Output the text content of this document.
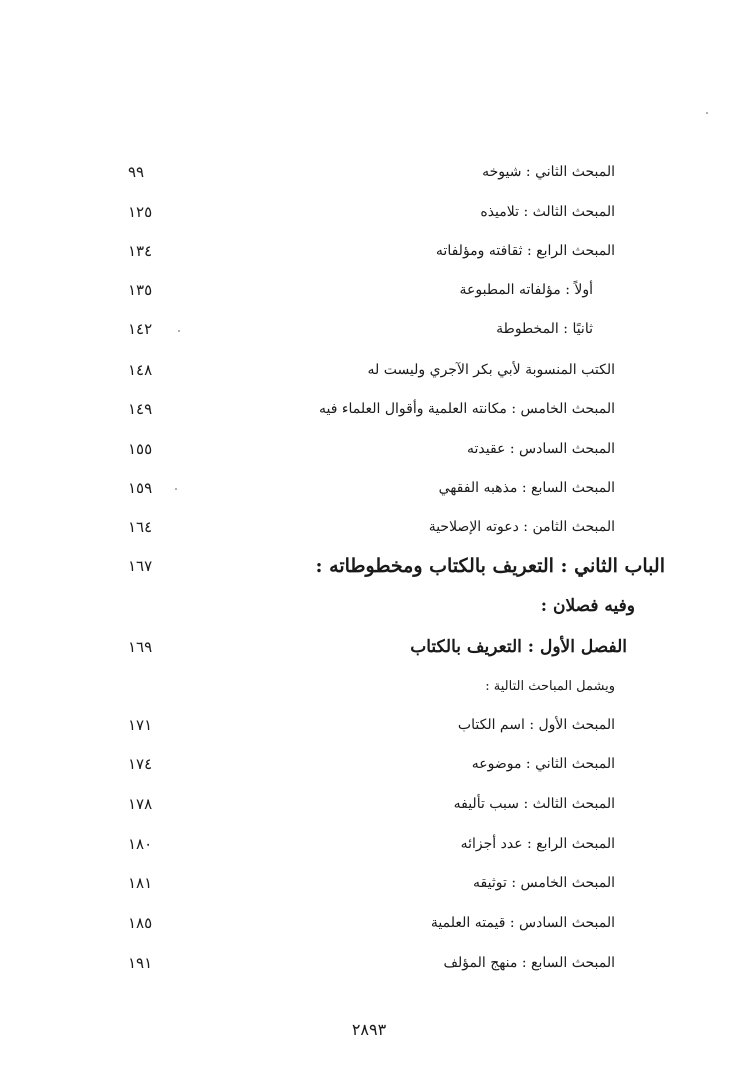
المبحث الثاني : شيوخه
٩٩
المبحث الثالث : تلاميذه
١٢٥
المبحث الرابع : ثقافته ومؤلفاته
١٣٤
أولاً : مؤلفاته المطبوعة
١٣٥
ثانيًا : المخطوطة
١٤٢
الكتب المنسوبة لأبي بكر الآجري وليست له
١٤٨
المبحث الخامس : مكانته العلمية وأقوال العلماء فيه
١٤٩
المبحث السادس : عقيدته
١٥٥
المبحث السابع : مذهبه الفقهي
١٥٩
المبحث الثامن : دعوته الإصلاحية
١٦٤
الباب الثاني : التعريف بالكتاب ومخطوطاته :
١٦٧
وفيه فصلان :
الفصل الأول : التعريف بالكتاب
١٦٩
ويشمل المباحث التالية :
المبحث الأول : اسم الكتاب
١٧١
المبحث الثاني : موضوعه
١٧٤
المبحث الثالث : سبب تأليفه
١٧٨
المبحث الرابع : عدد أجزائه
١٨٠
المبحث الخامس : توثيقه
١٨١
المبحث السادس : قيمته العلمية
١٨٥
المبحث السابع : منهج المؤلف
١٩١
٢٨٩٣
